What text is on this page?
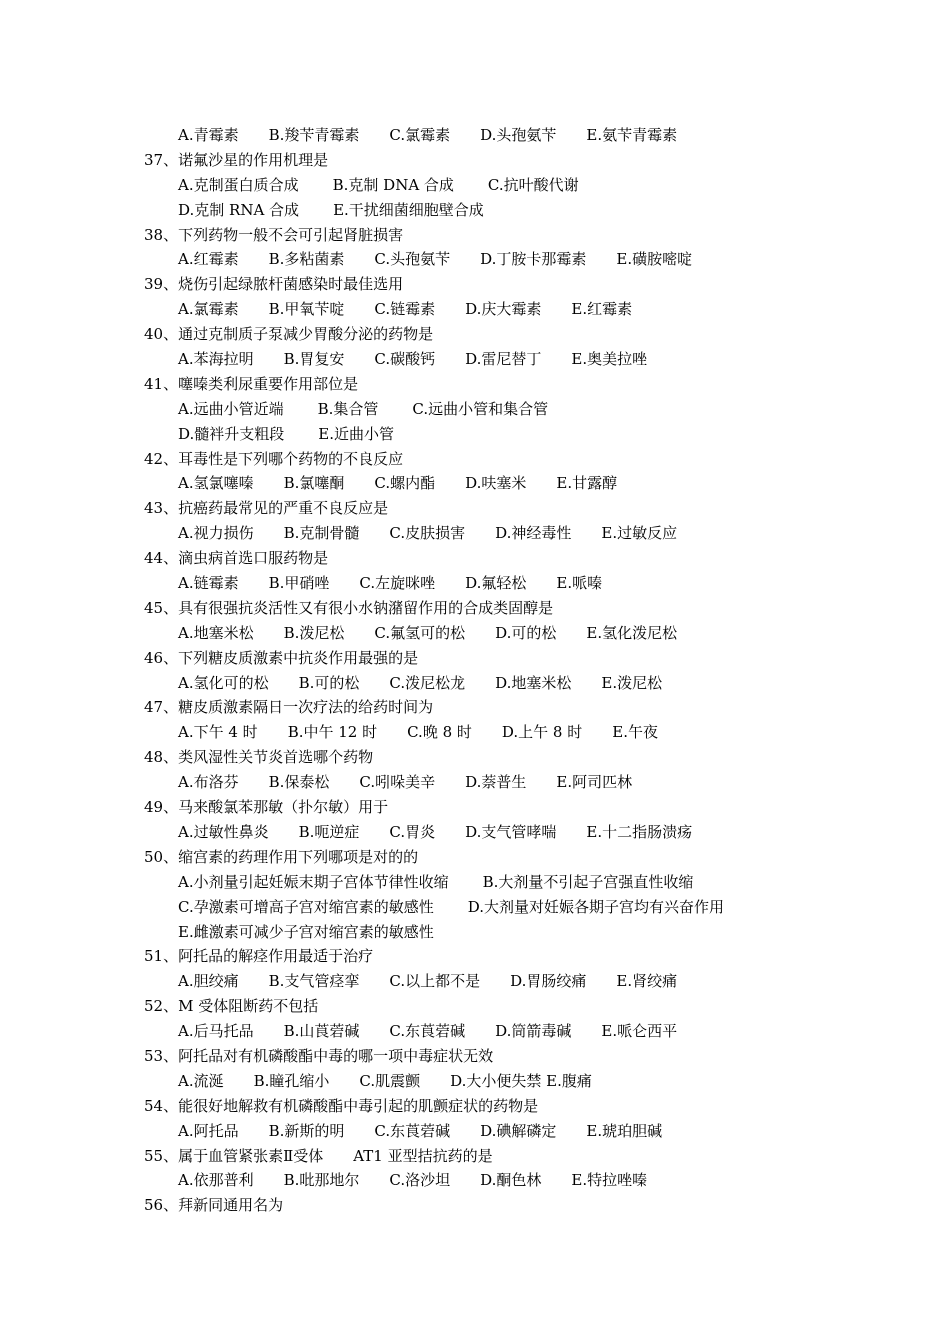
A.青霉素 B.羧苄青霉素 C.氯霉素 D.头孢氨苄 E.氨苄青霉素
37、诺氟沙星的作用机理是
A.克制蛋白质合成 B.克制 DNA 合成 C.抗叶酸代谢
D.克制 RNA 合成 E.干扰细菌细胞壁合成
38、下列药物一般不会可引起肾脏损害
A.红霉素 B.多粘菌素 C.头孢氨苄 D.丁胺卡那霉素 E.磺胺嘧啶
39、烧伤引起绿脓杆菌感染时最佳选用
A.氯霉素 B.甲氧苄啶 C.链霉素 D.庆大霉素 E.红霉素
40、通过克制质子泵减少胃酸分泌的药物是
A.苯海拉明 B.胃复安 C.碳酸钙 D.雷尼替丁 E.奥美拉唑
41、噻嗪类利尿重要作用部位是
A.远曲小管近端 B.集合管 C.远曲小管和集合管
D.髓袢升支粗段 E.近曲小管
42、耳毒性是下列哪个药物的不良反应
A.氢氯噻嗪 B.氯噻酮 C.螺内酯 D.呋塞米 E.甘露醇
43、抗癌药最常见的严重不良反应是
A.视力损伤 B.克制骨髓 C.皮肤损害 D.神经毒性 E.过敏反应
44、滴虫病首选口服药物是
A.链霉素 B.甲硝唑 C.左旋咪唑 D.氟轻松 E.哌嗪
45、具有很强抗炎活性又有很小水钠潴留作用的合成类固醇是
A.地塞米松 B.泼尼松 C.氟氢可的松 D.可的松 E.氢化泼尼松
46、下列糖皮质激素中抗炎作用最强的是
A.氢化可的松 B.可的松 C.泼尼松龙 D.地塞米松 E.泼尼松
47、糖皮质激素隔日一次疗法的给药时间为
A.下午 4 时 B.中午 12 时 C.晚 8 时 D.上午 8 时 E.午夜
48、类风湿性关节炎首选哪个药物
A.布洛芬 B.保泰松 C.吲哚美辛 D.萘普生 E.阿司匹林
49、马来酸氯苯那敏（扑尔敏）用于
A.过敏性鼻炎 B.呃逆症 C.胃炎 D.支气管哮喘 E.十二指肠溃疡
50、缩宫素的药理作用下列哪项是对的的
A.小剂量引起妊娠末期子宫体节律性收缩 B.大剂量不引起子宫强直性收缩
C.孕激素可增高子宫对缩宫素的敏感性 D.大剂量对妊娠各期子宫均有兴奋作用
E.雌激素可减少子宫对缩宫素的敏感性
51、阿托品的解痉作用最适于治疗
A.胆绞痛 B.支气管痉挛 C.以上都不是 D.胃肠绞痛 E.肾绞痛
52、M 受体阻断药不包括
A.后马托品 B.山莨菪碱 C.东莨菪碱 D.筒箭毒碱 E.哌仑西平
53、阿托品对有机磷酸酯中毒的哪一项中毒症状无效
A.流涎 B.瞳孔缩小 C.肌震颤 D.大小便失禁 E.腹痛
54、能很好地解救有机磷酸酯中毒引起的肌颤症状的药物是
A.阿托品 B.新斯的明 C.东莨菪碱 D.碘解磷定 E.琥珀胆碱
55、属于血管紧张素Ⅱ受体　　AT1 亚型拮抗药的是
A.依那普利 B.吡那地尔 C.洛沙坦 D.酮色林 E.特拉唑嗪
56、拜新同通用名为
